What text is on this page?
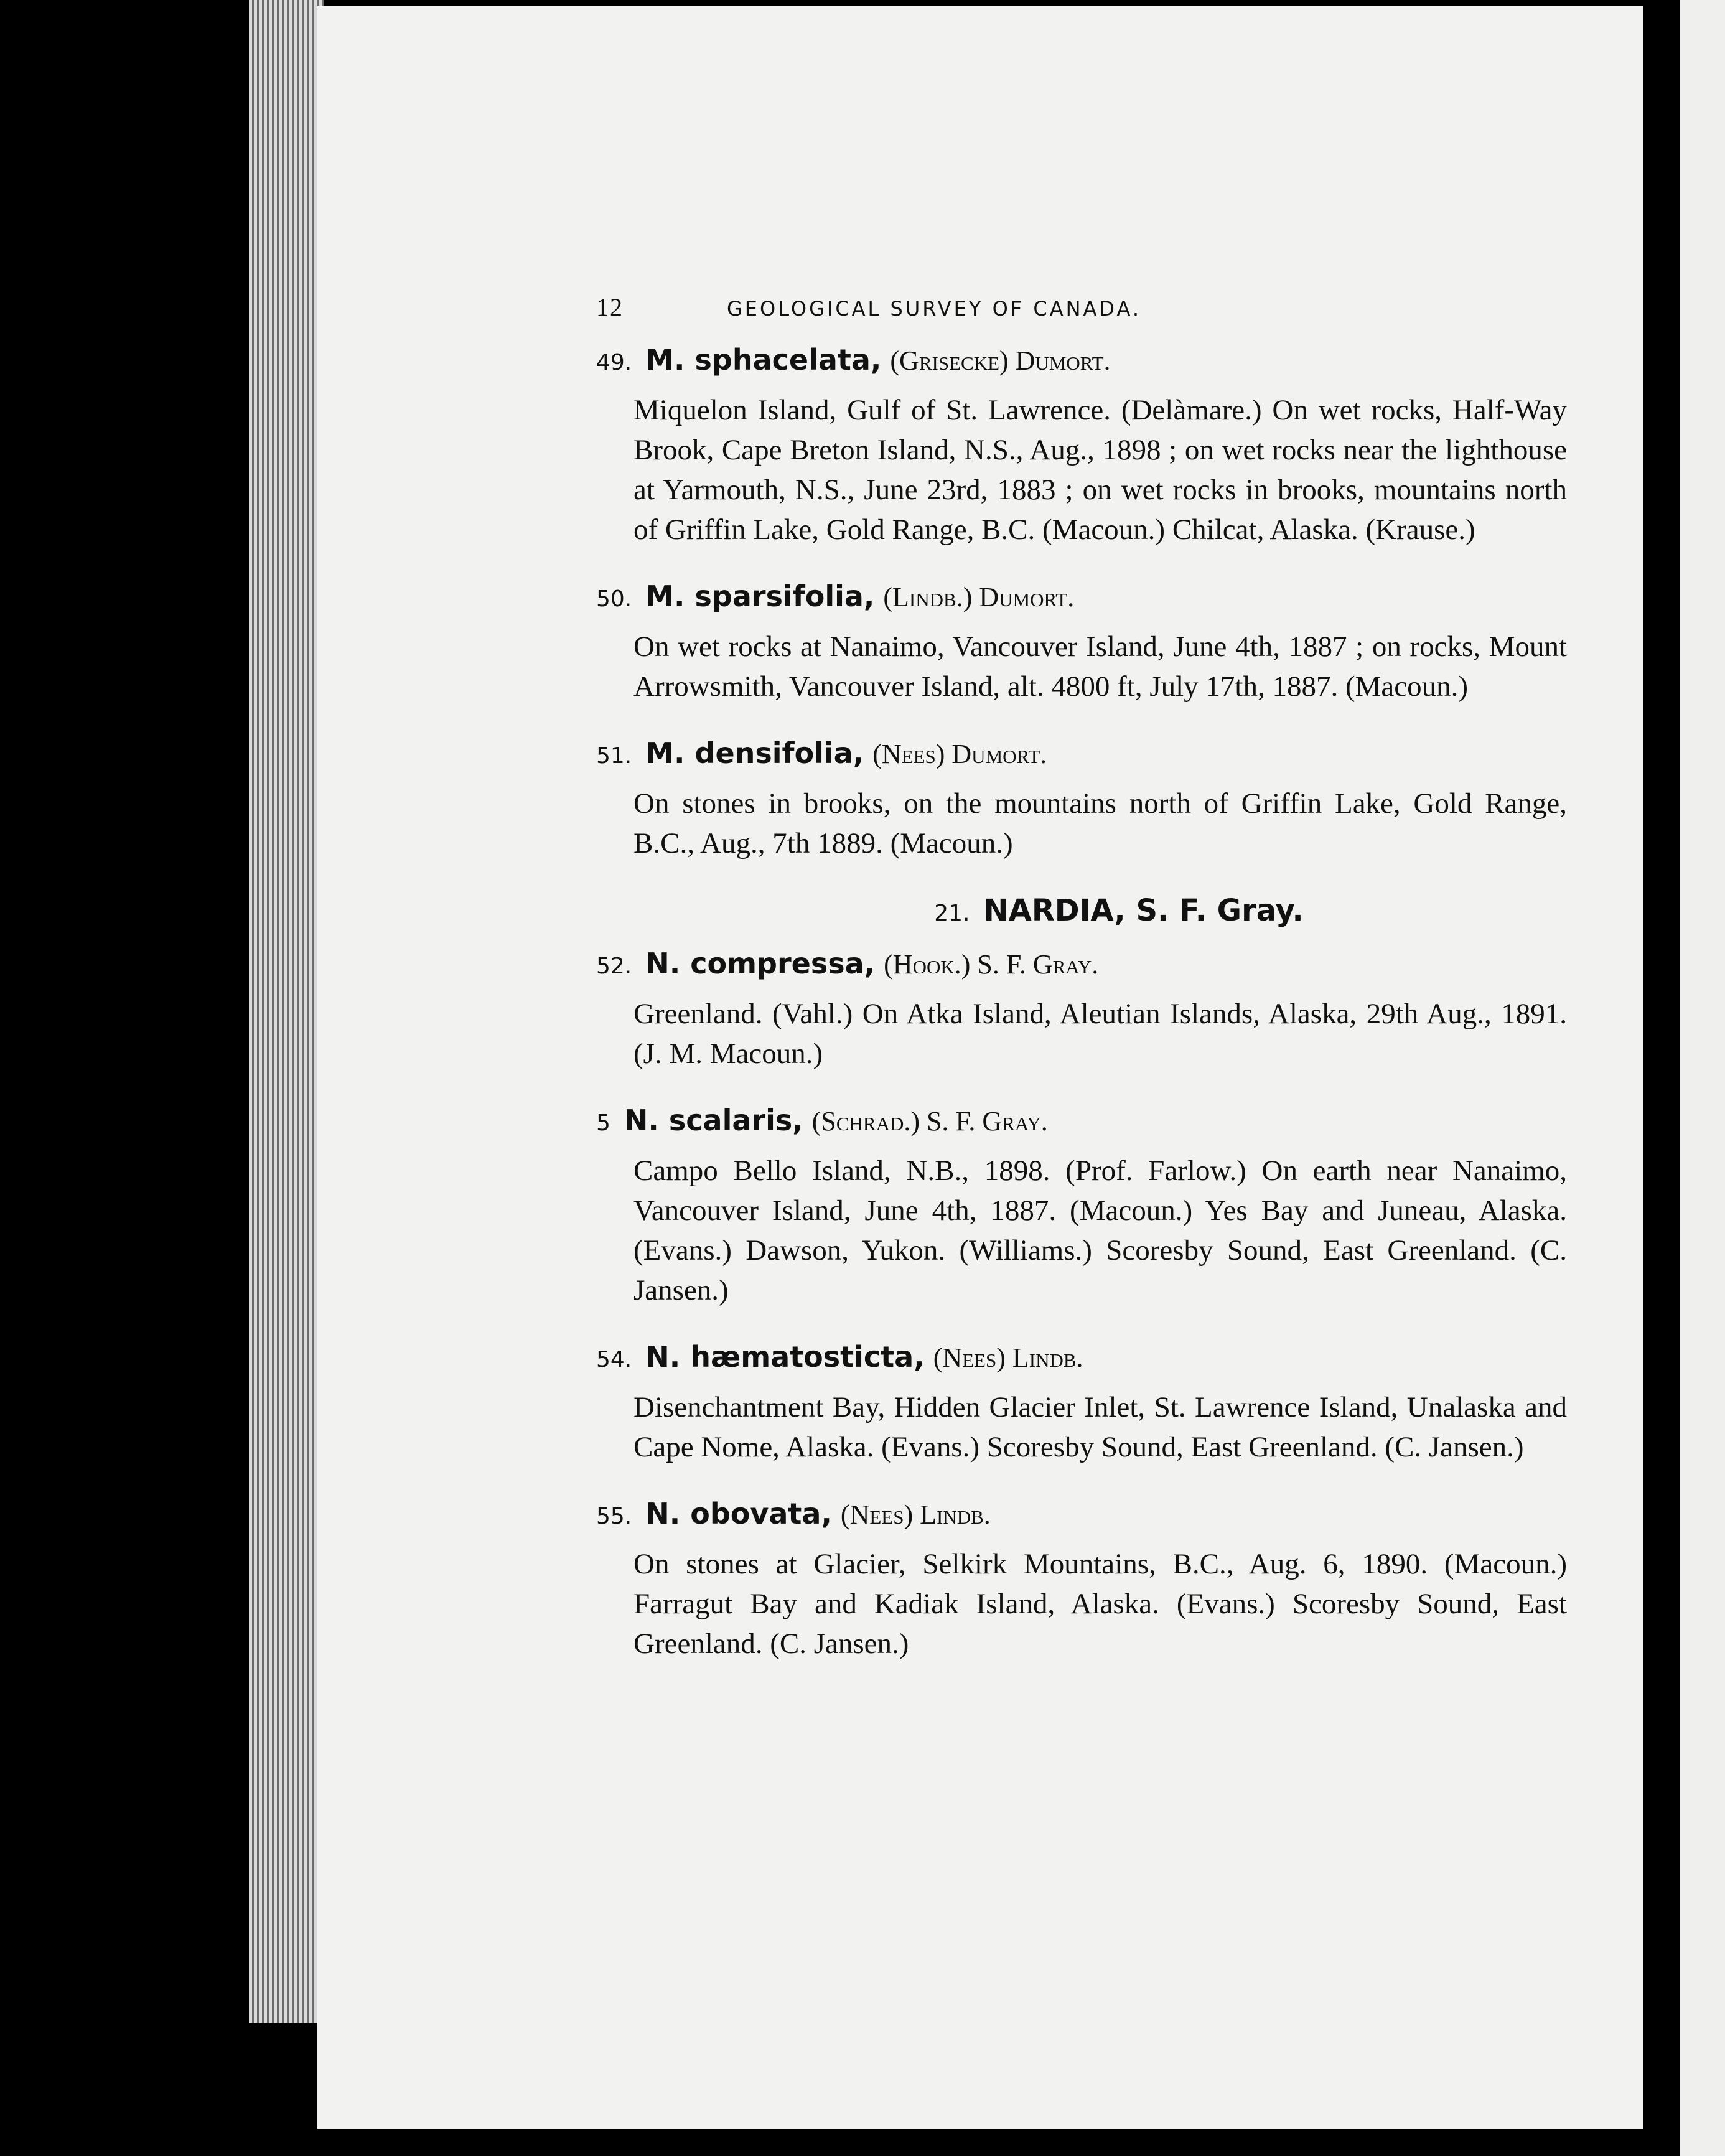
12	GEOLOGICAL SURVEY OF CANADA.
49. M. sphacelata, (Grisecke) Dumort.
Miquelon Island, Gulf of St. Lawrence. (Delàmare.) On wet rocks, Half-Way Brook, Cape Breton Island, N.S., Aug., 1898 ; on wet rocks near the lighthouse at Yarmouth, N.S., June 23rd, 1883 ; on wet rocks in brooks, mountains north of Griffin Lake, Gold Range, B.C. (Macoun.) Chilcat, Alaska. (Krause.)
50. M. sparsifolia, (Lindb.) Dumort.
On wet rocks at Nanaimo, Vancouver Island, June 4th, 1887 ; on rocks, Mount Arrowsmith, Vancouver Island, alt. 4800 ft, July 17th, 1887. (Macoun.)
51. M. densifolia, (Nees) Dumort.
On stones in brooks, on the mountains north of Griffin Lake, Gold Range, B.C., Aug., 7th 1889. (Macoun.)
21. NARDIA, S. F. Gray.
52. N. compressa, (Hook.) S. F. Gray.
Greenland. (Vahl.) On Atka Island, Aleutian Islands, Alaska, 29th Aug., 1891. (J. M. Macoun.)
5 N. scalaris, (Schrad.) S. F. Gray.
Campo Bello Island, N.B., 1898. (Prof. Farlow.) On earth near Nanaimo, Vancouver Island, June 4th, 1887. (Macoun.) Yes Bay and Juneau, Alaska. (Evans.) Dawson, Yukon. (Williams.) Scoresby Sound, East Greenland. (C. Jansen.)
54. N. hæmatosticta, (Nees) Lindb.
Disenchantment Bay, Hidden Glacier Inlet, St. Lawrence Island, Unalaska and Cape Nome, Alaska. (Evans.) Scoresby Sound, East Greenland. (C. Jansen.)
55. N. obovata, (Nees) Lindb.
On stones at Glacier, Selkirk Mountains, B.C., Aug. 6, 1890. (Macoun.) Farragut Bay and Kadiak Island, Alaska. (Evans.) Scoresby Sound, East Greenland. (C. Jansen.)
